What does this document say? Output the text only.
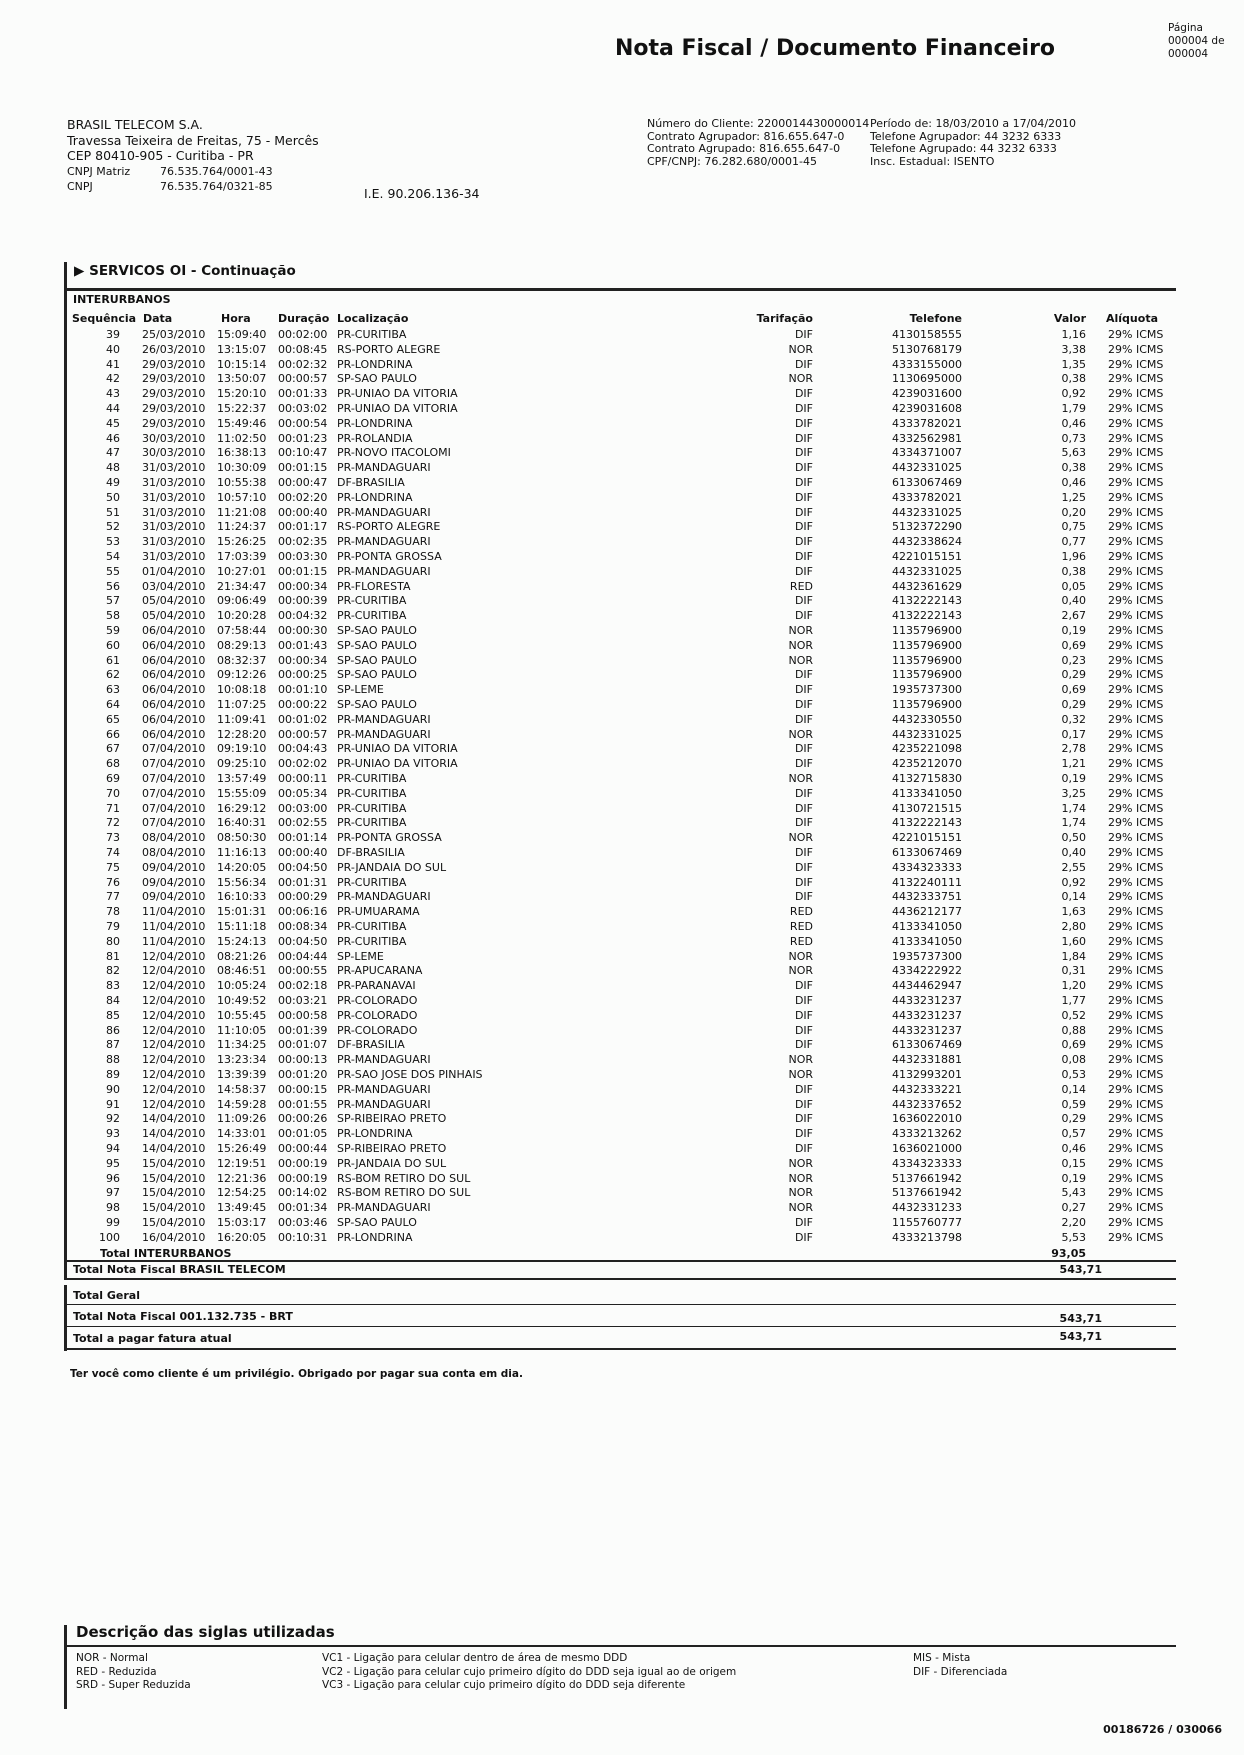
Nota Fiscal / Documento Financeiro
Página
000004 de
000004
BRASIL TELECOM S.A.
Travessa Teixeira de Freitas, 75 - Mercês
CEP 80410-905 - Curitiba - PR
CNPJ Matriz	76.535.764/0001-43
CNPJ	76.535.764/0321-85	I.E. 90.206.136-34
Número do Cliente: 2200014430000014
Contrato Agrupador: 816.655.647-0
Contrato Agrupado: 816.655.647-0
CPF/CNPJ: 76.282.680/0001-45
Período de: 18/03/2010 a 17/04/2010
Telefone Agrupador: 44 3232 6333
Telefone Agrupado: 44 3232 6333
Insc. Estadual: ISENTO
▶ SERVICOS OI - Continuação
INTERURBANOS
Sequência Data	Hora Duração Localização	Tarifação	Telefone	Valor Alíquota
39 25/03/2010 15:09:40 00:02:00 PR-CURITIBA	DIF	4130158555	1,16 29% ICMS
40 26/03/2010 13:15:07 00:08:45 RS-PORTO ALEGRE	NOR	5130768179	3,38 29% ICMS
41 29/03/2010 10:15:14 00:02:32 PR-LONDRINA	DIF	4333155000	1,35 29% ICMS
42 29/03/2010 13:50:07 00:00:57 SP-SAO PAULO	NOR	1130695000	0,38 29% ICMS
43 29/03/2010 15:20:10 00:01:33 PR-UNIAO DA VITORIA	DIF	4239031600	0,92 29% ICMS
44 29/03/2010 15:22:37 00:03:02 PR-UNIAO DA VITORIA	DIF	4239031608	1,79 29% ICMS
45 29/03/2010 15:49:46 00:00:54 PR-LONDRINA	DIF	4333782021	0,46 29% ICMS
46 30/03/2010 11:02:50 00:01:23 PR-ROLANDIA	DIF	4332562981	0,73 29% ICMS
47 30/03/2010 16:38:13 00:10:47 PR-NOVO ITACOLOMI	DIF	4334371007	5,63 29% ICMS
48 31/03/2010 10:30:09 00:01:15 PR-MANDAGUARI	DIF	4432331025	0,38 29% ICMS
49 31/03/2010 10:55:38 00:00:47 DF-BRASILIA	DIF	6133067469	0,46 29% ICMS
50 31/03/2010 10:57:10 00:02:20 PR-LONDRINA	DIF	4333782021	1,25 29% ICMS
51 31/03/2010 11:21:08 00:00:40 PR-MANDAGUARI	DIF	4432331025	0,20 29% ICMS
52 31/03/2010 11:24:37 00:01:17 RS-PORTO ALEGRE	DIF	5132372290	0,75 29% ICMS
53 31/03/2010 15:26:25 00:02:35 PR-MANDAGUARI	DIF	4432338624	0,77 29% ICMS
54 31/03/2010 17:03:39 00:03:30 PR-PONTA GROSSA	DIF	4221015151	1,96 29% ICMS
55 01/04/2010 10:27:01 00:01:15 PR-MANDAGUARI	DIF	4432331025	0,38 29% ICMS
56 03/04/2010 21:34:47 00:00:34 PR-FLORESTA	RED	4432361629	0,05 29% ICMS
57 05/04/2010 09:06:49 00:00:39 PR-CURITIBA	DIF	4132222143	0,40 29% ICMS
58 05/04/2010 10:20:28 00:04:32 PR-CURITIBA	DIF	4132222143	2,67 29% ICMS
59 06/04/2010 07:58:44 00:00:30 SP-SAO PAULO	NOR	1135796900	0,19 29% ICMS
60 06/04/2010 08:29:13 00:01:43 SP-SAO PAULO	NOR	1135796900	0,69 29% ICMS
61 06/04/2010 08:32:37 00:00:34 SP-SAO PAULO	NOR	1135796900	0,23 29% ICMS
62 06/04/2010 09:12:26 00:00:25 SP-SAO PAULO	DIF	1135796900	0,29 29% ICMS
63 06/04/2010 10:08:18 00:01:10 SP-LEME	DIF	1935737300	0,69 29% ICMS
64 06/04/2010 11:07:25 00:00:22 SP-SAO PAULO	DIF	1135796900	0,29 29% ICMS
65 06/04/2010 11:09:41 00:01:02 PR-MANDAGUARI	DIF	4432330550	0,32 29% ICMS
66 06/04/2010 12:28:20 00:00:57 PR-MANDAGUARI	NOR	4432331025	0,17 29% ICMS
67 07/04/2010 09:19:10 00:04:43 PR-UNIAO DA VITORIA	DIF	4235221098	2,78 29% ICMS
68 07/04/2010 09:25:10 00:02:02 PR-UNIAO DA VITORIA	DIF	4235212070	1,21 29% ICMS
69 07/04/2010 13:57:49 00:00:11 PR-CURITIBA	NOR	4132715830	0,19 29% ICMS
70 07/04/2010 15:55:09 00:05:34 PR-CURITIBA	DIF	4133341050	3,25 29% ICMS
71 07/04/2010 16:29:12 00:03:00 PR-CURITIBA	DIF	4130721515	1,74 29% ICMS
72 07/04/2010 16:40:31 00:02:55 PR-CURITIBA	DIF	4132222143	1,74 29% ICMS
73 08/04/2010 08:50:30 00:01:14 PR-PONTA GROSSA	NOR	4221015151	0,50 29% ICMS
74 08/04/2010 11:16:13 00:00:40 DF-BRASILIA	DIF	6133067469	0,40 29% ICMS
75 09/04/2010 14:20:05 00:04:50 PR-JANDAIA DO SUL	DIF	4334323333	2,55 29% ICMS
76 09/04/2010 15:56:34 00:01:31 PR-CURITIBA	DIF	4132240111	0,92 29% ICMS
77 09/04/2010 16:10:33 00:00:29 PR-MANDAGUARI	DIF	4432333751	0,14 29% ICMS
78 11/04/2010 15:01:31 00:06:16 PR-UMUARAMA	RED	4436212177	1,63 29% ICMS
79 11/04/2010 15:11:18 00:08:34 PR-CURITIBA	RED	4133341050	2,80 29% ICMS
80 11/04/2010 15:24:13 00:04:50 PR-CURITIBA	RED	4133341050	1,60 29% ICMS
81 12/04/2010 08:21:26 00:04:44 SP-LEME	NOR	1935737300	1,84 29% ICMS
82 12/04/2010 08:46:51 00:00:55 PR-APUCARANA	NOR	4334222922	0,31 29% ICMS
83 12/04/2010 10:05:24 00:02:18 PR-PARANAVAI	DIF	4434462947	1,20 29% ICMS
84 12/04/2010 10:49:52 00:03:21 PR-COLORADO	DIF	4433231237	1,77 29% ICMS
85 12/04/2010 10:55:45 00:00:58 PR-COLORADO	DIF	4433231237	0,52 29% ICMS
86 12/04/2010 11:10:05 00:01:39 PR-COLORADO	DIF	4433231237	0,88 29% ICMS
87 12/04/2010 11:34:25 00:01:07 DF-BRASILIA	DIF	6133067469	0,69 29% ICMS
88 12/04/2010 13:23:34 00:00:13 PR-MANDAGUARI	NOR	4432331881	0,08 29% ICMS
89 12/04/2010 13:39:39 00:01:20 PR-SAO JOSE DOS PINHAIS	NOR	4132993201	0,53 29% ICMS
90 12/04/2010 14:58:37 00:00:15 PR-MANDAGUARI	DIF	4432333221	0,14 29% ICMS
91 12/04/2010 14:59:28 00:01:55 PR-MANDAGUARI	DIF	4432337652	0,59 29% ICMS
92 14/04/2010 11:09:26 00:00:26 SP-RIBEIRAO PRETO	DIF	1636022010	0,29 29% ICMS
93 14/04/2010 14:33:01 00:01:05 PR-LONDRINA	DIF	4333213262	0,57 29% ICMS
94 14/04/2010 15:26:49 00:00:44 SP-RIBEIRAO PRETO	DIF	1636021000	0,46 29% ICMS
95 15/04/2010 12:19:51 00:00:19 PR-JANDAIA DO SUL	NOR	4334323333	0,15 29% ICMS
96 15/04/2010 12:21:36 00:00:19 RS-BOM RETIRO DO SUL	NOR	5137661942	0,19 29% ICMS
97 15/04/2010 12:54:25 00:14:02 RS-BOM RETIRO DO SUL	NOR	5137661942	5,43 29% ICMS
98 15/04/2010 13:49:45 00:01:34 PR-MANDAGUARI	NOR	4432331233	0,27 29% ICMS
99 15/04/2010 15:03:17 00:03:46 SP-SAO PAULO	DIF	1155760777	2,20 29% ICMS
100 16/04/2010 16:20:05 00:10:31 PR-LONDRINA	DIF	4333213798	5,53 29% ICMS
Total INTERURBANOS	93,05
Total Nota Fiscal BRASIL TELECOM	543,71
Total Geral
Total Nota Fiscal 001.132.735 - BRT	543,71
Total a pagar fatura atual	543,71
Ter você como cliente é um privilégio. Obrigado por pagar sua conta em dia.
Descrição das siglas utilizadas
NOR - Normal
RED - Reduzida
SRD - Super Reduzida
VC1 - Ligação para celular dentro de área de mesmo DDD
VC2 - Ligação para celular cujo primeiro dígito do DDD seja igual ao de origem
VC3 - Ligação para celular cujo primeiro dígito do DDD seja diferente
MIS - Mista
DIF - Diferenciada
00186726 / 030066
